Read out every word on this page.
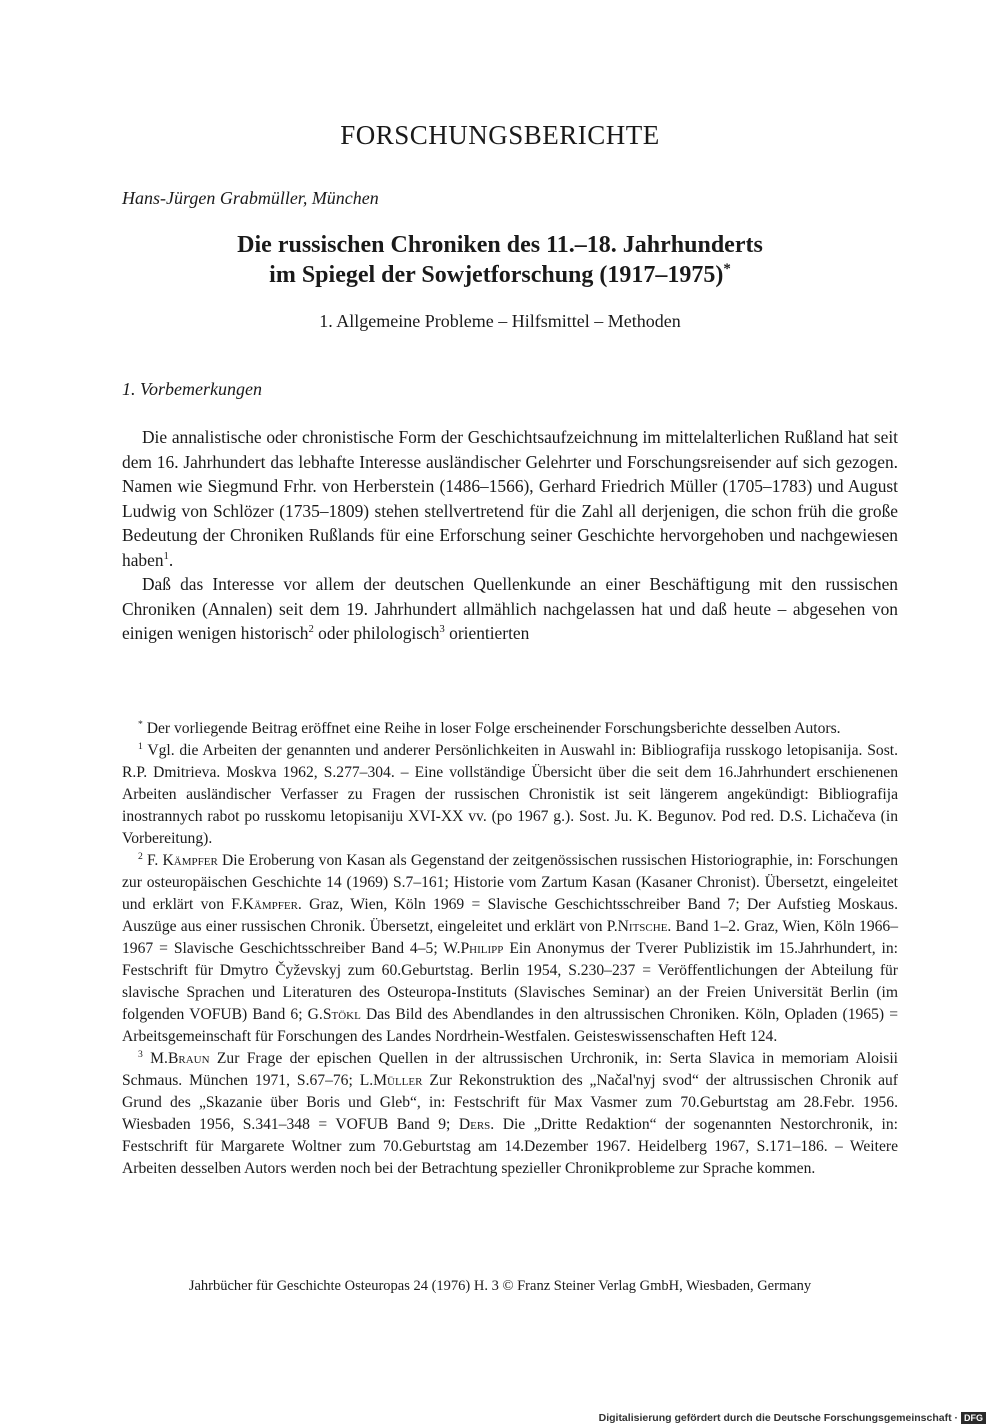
FORSCHUNGSBERICHTE
Hans-Jürgen Grabmüller, München
Die russischen Chroniken des 11.–18. Jahrhunderts
im Spiegel der Sowjetforschung (1917–1975)*
1. Allgemeine Probleme – Hilfsmittel – Methoden
1. Vorbemerkungen

Die annalistische oder chronistische Form der Geschichtsaufzeichnung im mittelalterlichen Rußland hat seit dem 16. Jahrhundert das lebhafte Interesse ausländischer Gelehrter und Forschungsreisender auf sich gezogen. Namen wie Siegmund Frhr. von Herberstein (1486–1566), Gerhard Friedrich Müller (1705–1783) und August Ludwig von Schlözer (1735–1809) stehen stellvertretend für die Zahl all derjenigen, die schon früh die große Bedeutung der Chroniken Rußlands für eine Erforschung seiner Geschichte hervorgehoben und nachgewiesen haben$^1$.

Daß das Interesse vor allem der deutschen Quellenkunde an einer Beschäftigung mit den russischen Chroniken (Annalen) seit dem 19. Jahrhundert allmählich nachgelassen hat und daß heute – abgesehen von einigen wenigen historisch$^2$ oder philologisch$^3$ orientierten

* Der vorliegende Beitrag eröffnet eine Reihe in loser Folge erscheinender Forschungsberichte desselben Autors.

$^1$ Vgl. die Arbeiten der genannten und anderer Persönlichkeiten in Auswahl in: Bibliografija russkogo letopisanija. Sost. R.P. Dmitrieva. Moskva 1962, S.277–304. – Eine vollständige Übersicht über die seit dem 16.Jahrhundert erschienenen Arbeiten ausländischer Verfasser zu Fragen der russischen Chronistik ist seit längerem angekündigt: Bibliografija inostrannych rabot po russkomu letopisaniju XVI-XX vv. (po 1967 g.). Sost. Ju. K. Begunov. Pod red. D.S. Lichačeva (in Vorbereitung).

$^2$ F. Kämpfer Die Eroberung von Kasan als Gegenstand der zeitgenössischen russischen Historiographie, in: Forschungen zur osteuropäischen Geschichte 14 (1969) S.7–161; Historie vom Zartum Kasan (Kasaner Chronist). Übersetzt, eingeleitet und erklärt von F.Kämpfer. Graz, Wien, Köln 1969 = Slavische Geschichtsschreiber Band 7; Der Aufstieg Moskaus. Auszüge aus einer russischen Chronik. Übersetzt, eingeleitet und erklärt von P.Nitsche. Band 1–2. Graz, Wien, Köln 1966–1967 = Slavische Geschichtsschreiber Band 4–5; W.Philipp Ein Anonymus der Tverer Publizistik im 15.Jahrhundert, in: Festschrift für Dmytro Čyževskyj zum 60.Geburtstag. Berlin 1954, S.230–237 = Veröffentlichungen der Abteilung für slavische Sprachen und Literaturen des Osteuropa-Instituts (Slavisches Seminar) an der Freien Universität Berlin (im folgenden VOFUB) Band 6; G.Stökl Das Bild des Abendlandes in den altrussischen Chroniken. Köln, Opladen (1965) = Arbeitsgemeinschaft für Forschungen des Landes Nordrhein-Westfalen. Geisteswissenschaften Heft 124.

$^3$ M.Braun Zur Frage der epischen Quellen in der altrussischen Urchronik, in: Serta Slavica in memoriam Aloisii Schmaus. München 1971, S.67–76; L.Müller Zur Rekonstruktion des „Načal'nyj svod“ der altrussischen Chronik auf Grund des „Skazanie über Boris und Gleb“, in: Festschrift für Max Vasmer zum 70.Geburtstag am 28.Febr. 1956. Wiesbaden 1956, S.341–348 = VOFUB Band 9; Ders. Die „Dritte Redaktion“ der sogenannten Nestorchronik, in: Festschrift für Margarete Woltner zum 70.Geburtstag am 14.Dezember 1967. Heidelberg 1967, S.171–186. – Weitere Arbeiten desselben Autors werden noch bei der Betrachtung spezieller Chronikprobleme zur Sprache kommen.

Jahrbücher für Geschichte Osteuropas 24 (1976) H. 3 © Franz Steiner Verlag GmbH, Wiesbaden, Germany
Digitalisierung gefördert durch die Deutsche Forschungsgemeinschaft · DFG
